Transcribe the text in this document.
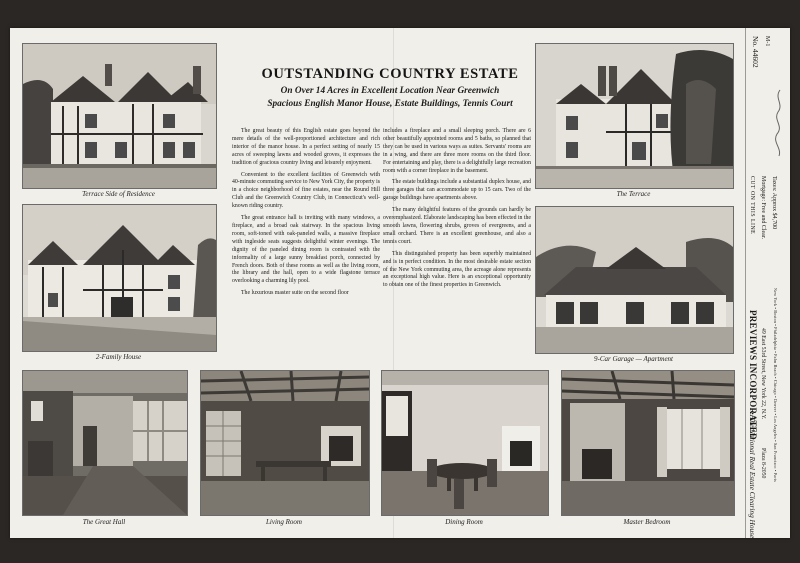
Terrace Side of Residence
2-Family House
The Terrace
9-Car Garage — Apartment
The Great Hall	Living Room	Dining Room	Master Bedroom
OUTSTANDING COUNTRY ESTATE
On Over 14 Acres in Excellent Location Near Greenwich
Spacious English Manor House, Estate Buildings, Tennis Court

The great beauty of this English estate goes beyond the mere details of the well-proportioned architecture and rich interior of the manor house. In a perfect setting of nearly 15 acres of sweeping lawns and wooded groves, it expresses the tradition of gracious country living and leisurely enjoyment.

Convenient to the excellent facilities of Greenwich with 40-minute commuting service to New York City, the property is in a choice neighborhood of fine estates, near the Round Hill Club and the Greenwich Country Club, in Connecticut's well-known riding country.

The great entrance hall is inviting with many windows, a fireplace, and a broad oak stairway. In the spacious living room, soft-toned with oak-paneled walls, a massive fireplace with ingleside seats suggests delightful winter evenings. The dignity of the paneled dining room is contrasted with the informality of a large sunny breakfast porch, connected by French doors. Both of these rooms as well as the living room, the library and the hall, open to a wide flagstone terrace overlooking a charming lily pool.

The luxurious master suite on the second floor

includes a fireplace and a small sleeping porch. There are 6 other beautifully appointed rooms and 5 baths, so planned that they can be used in various ways as suites. Servants' rooms are in a wing, and there are three more rooms on the third floor. For entertaining and play, there is a delightfully large recreation room with a corner fireplace in the basement.

The estate buildings include a substantial duplex house, and three garages that can accommodate up to 15 cars. Two of the garage buildings have apartments above.

The many delightful features of the grounds can hardly be overemphasized. Elaborate landscaping has been effected in the smooth lawns, flowering shrubs, groves of evergreens, and a small orchard. There is an excellent greenhouse, and also a tennis court.

This distinguished property has been superbly maintained and is in perfect condition. In the most desirable estate section of the New York commuting area, the acreage alone represents an exceptional high value. Here is an exceptional opportunity to obtain one of the finest properties in Greenwich.

No. 44602 M-1
CUT ON THIS LINE Mortgage: Free and Clear. Taxes: Approx $4,700
PREVIEWS INCORPORATED
• The National Real Estate Clearing House
49 East 53rd Street, New York 22, N.Y.
Plaza 8-2050 New York • Boston • Philadelphia • Palm Beach • Chicago • Denver • Los Angeles • San Francisco • Paris
